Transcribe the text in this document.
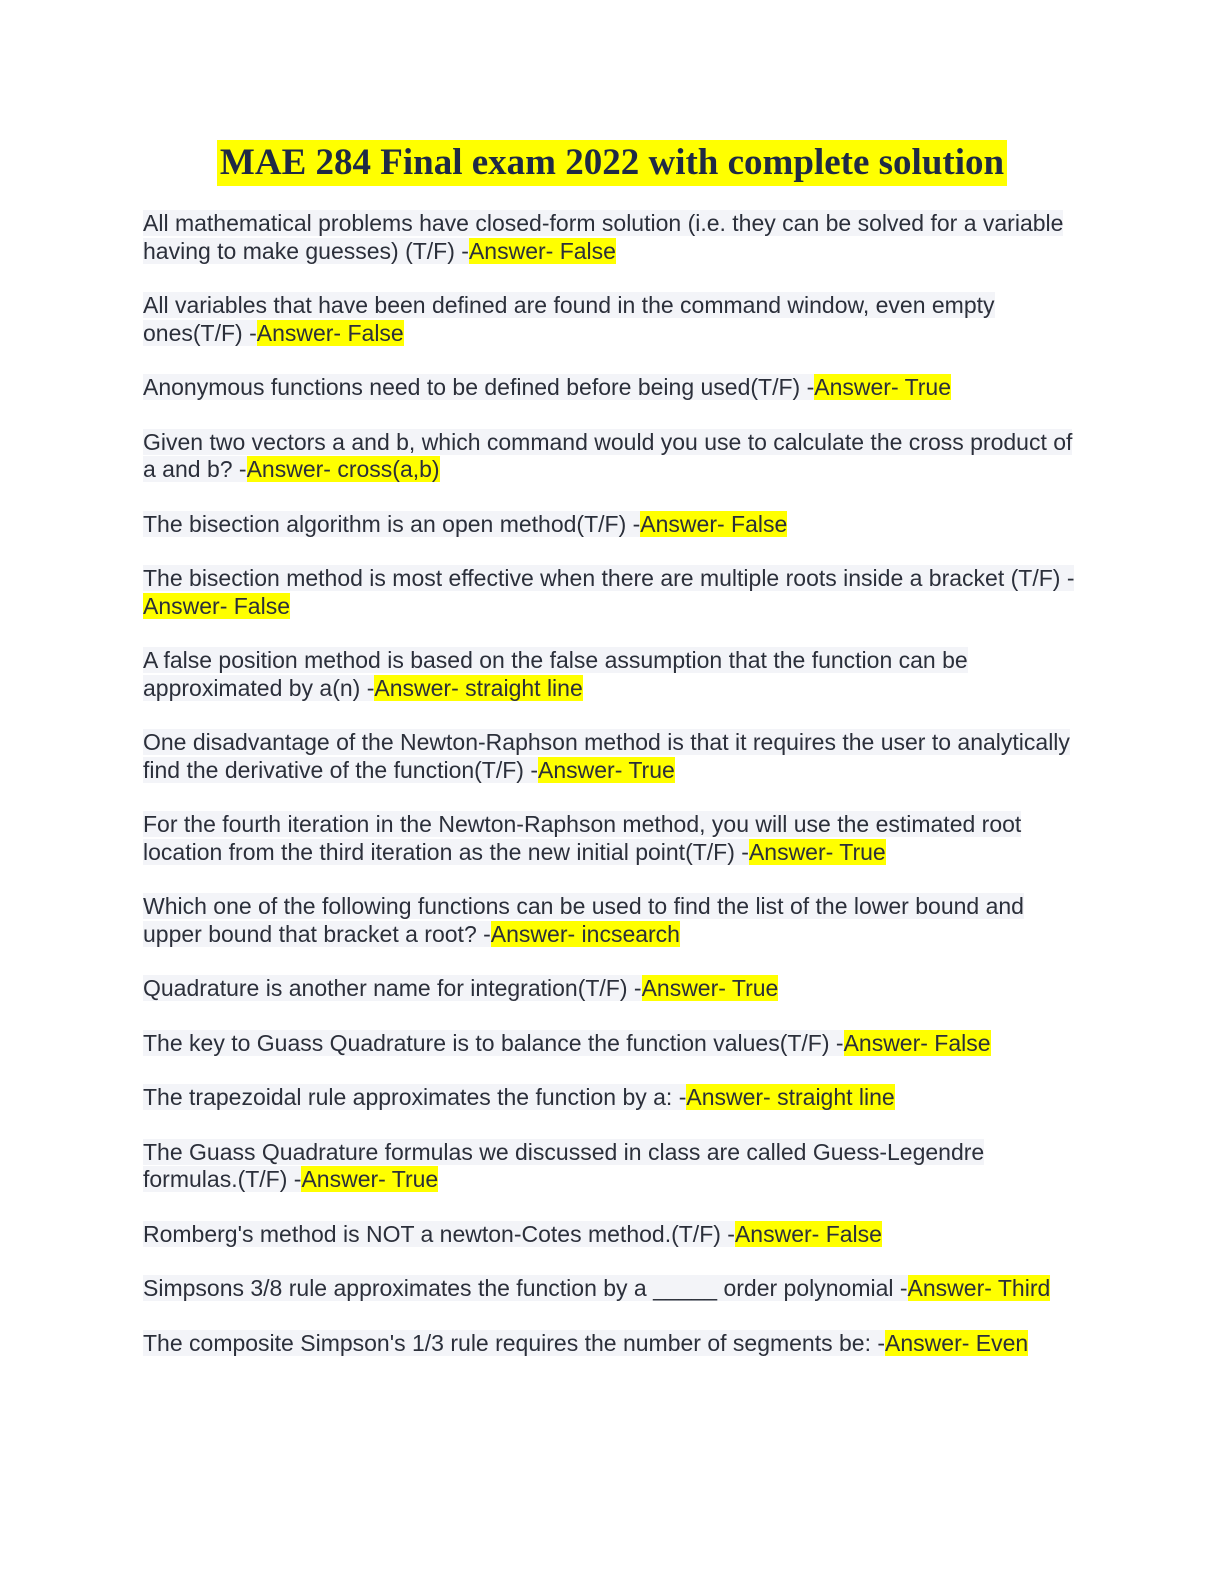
MAE 284 Final exam 2022 with complete solution

All mathematical problems have closed-form solution (i.e. they can be solved for a variable having to make guesses) (T/F) -Answer- False

All variables that have been defined are found in the command window, even empty ones(T/F) -Answer- False

Anonymous functions need to be defined before being used(T/F) -Answer- True

Given two vectors a and b, which command would you use to calculate the cross product of a and b? -Answer- cross(a,b)

The bisection algorithm is an open method(T/F) -Answer- False

The bisection method is most effective when there are multiple roots inside a bracket (T/F) -Answer- False

A false position method is based on the false assumption that the function can be approximated by a(n) -Answer- straight line

One disadvantage of the Newton-Raphson method is that it requires the user to analytically find the derivative of the function(T/F) -Answer- True

For the fourth iteration in the Newton-Raphson method, you will use the estimated root location from the third iteration as the new initial point(T/F) -Answer- True

Which one of the following functions can be used to find the list of the lower bound and upper bound that bracket a root? -Answer- incsearch

Quadrature is another name for integration(T/F) -Answer- True

The key to Guass Quadrature is to balance the function values(T/F) -Answer- False

The trapezoidal rule approximates the function by a: -Answer- straight line

The Guass Quadrature formulas we discussed in class are called Guess-Legendre formulas.(T/F) -Answer- True

Romberg's method is NOT a newton-Cotes method.(T/F) -Answer- False

Simpsons 3/8 rule approximates the function by a _____ order polynomial -Answer- Third

The composite Simpson's 1/3 rule requires the number of segments be: -Answer- Even
